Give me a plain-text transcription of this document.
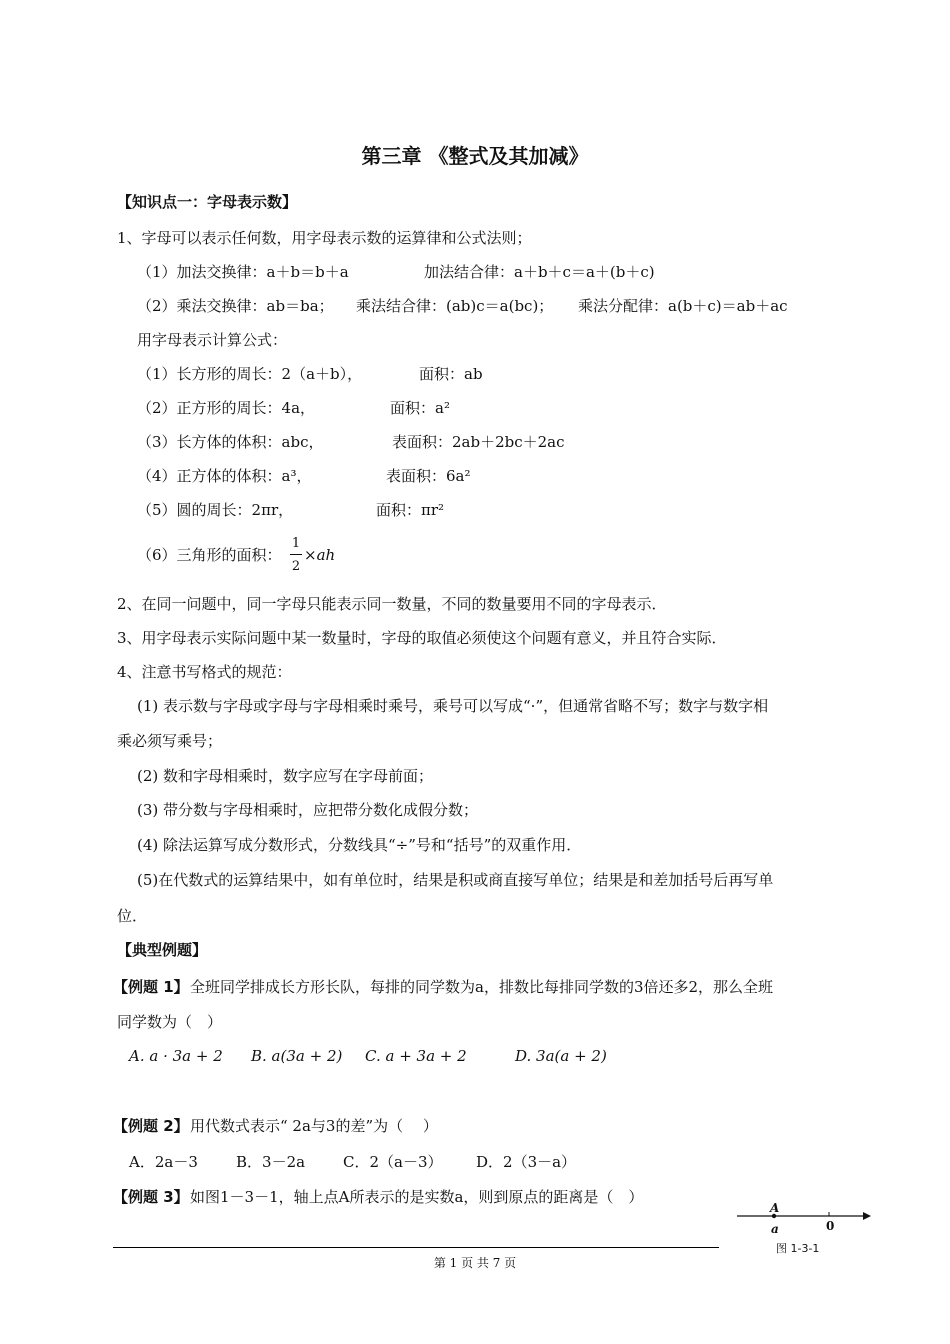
第三章 《整式及其加减》
【知识点一：字母表示数】
1、字母可以表示任何数，用字母表示数的运算律和公式法则；
（1）加法交换律：a＋b＝b＋a	加法结合律：a＋b＋c＝a＋(b＋c)
（2）乘法交换律：ab＝ba； 乘法结合律：(ab)c＝a(bc)； 乘法分配律：a(b＋c)＝ab＋ac
用字母表示计算公式：
（1）长方形的周长：2（a＋b），	面积：ab
（2）正方形的周长：4a，	面积：a²
（3）长方体的体积：abc，	表面积：2ab＋2bc＋2ac
（4）正方体的体积：a³，	表面积：6a²
（5）圆的周长：2πr，	面积：πr²
（6）三角形的面积：
1
2
×ah
2、在同一问题中，同一字母只能表示同一数量，不同的数量要用不同的字母表示．
3、用字母表示实际问题中某一数量时，字母的取值必须使这个问题有意义，并且符合实际．
4、注意书写格式的规范：
(1) 表示数与字母或字母与字母相乘时乘号，乘号可以写成“·”，但通常省略不写；数字与数字相
乘必须写乘号；
(2) 数和字母相乘时，数字应写在字母前面；
(3) 带分数与字母相乘时，应把带分数化成假分数；
(4) 除法运算写成分数形式，分数线具“÷”号和“括号”的双重作用．
(5)在代数式的运算结果中，如有单位时，结果是积或商直接写单位；结果是和差加括号后再写单
位．
【典型例题】
【例题 1】 全班同学排成长方形长队，每排的同学数为a，排数比每排同学数的3倍还多2，那么全班
同学数为（　）
A. a · 3a + 2 B. a(3a + 2) C. a + 3a + 2	D. 3a(a + 2)
【例题 2】 用代数式表示“ 2a与3的差”为（　 ）
A．2a－3	B．3－2a	C．2（a－3） D．2（3－a）
【例题 3】 如图1－3－1，轴上点A所表示的是实数a，则到原点的距离是（　）
A
a	0
图 1-3-1
第 1 页 共 7 页
